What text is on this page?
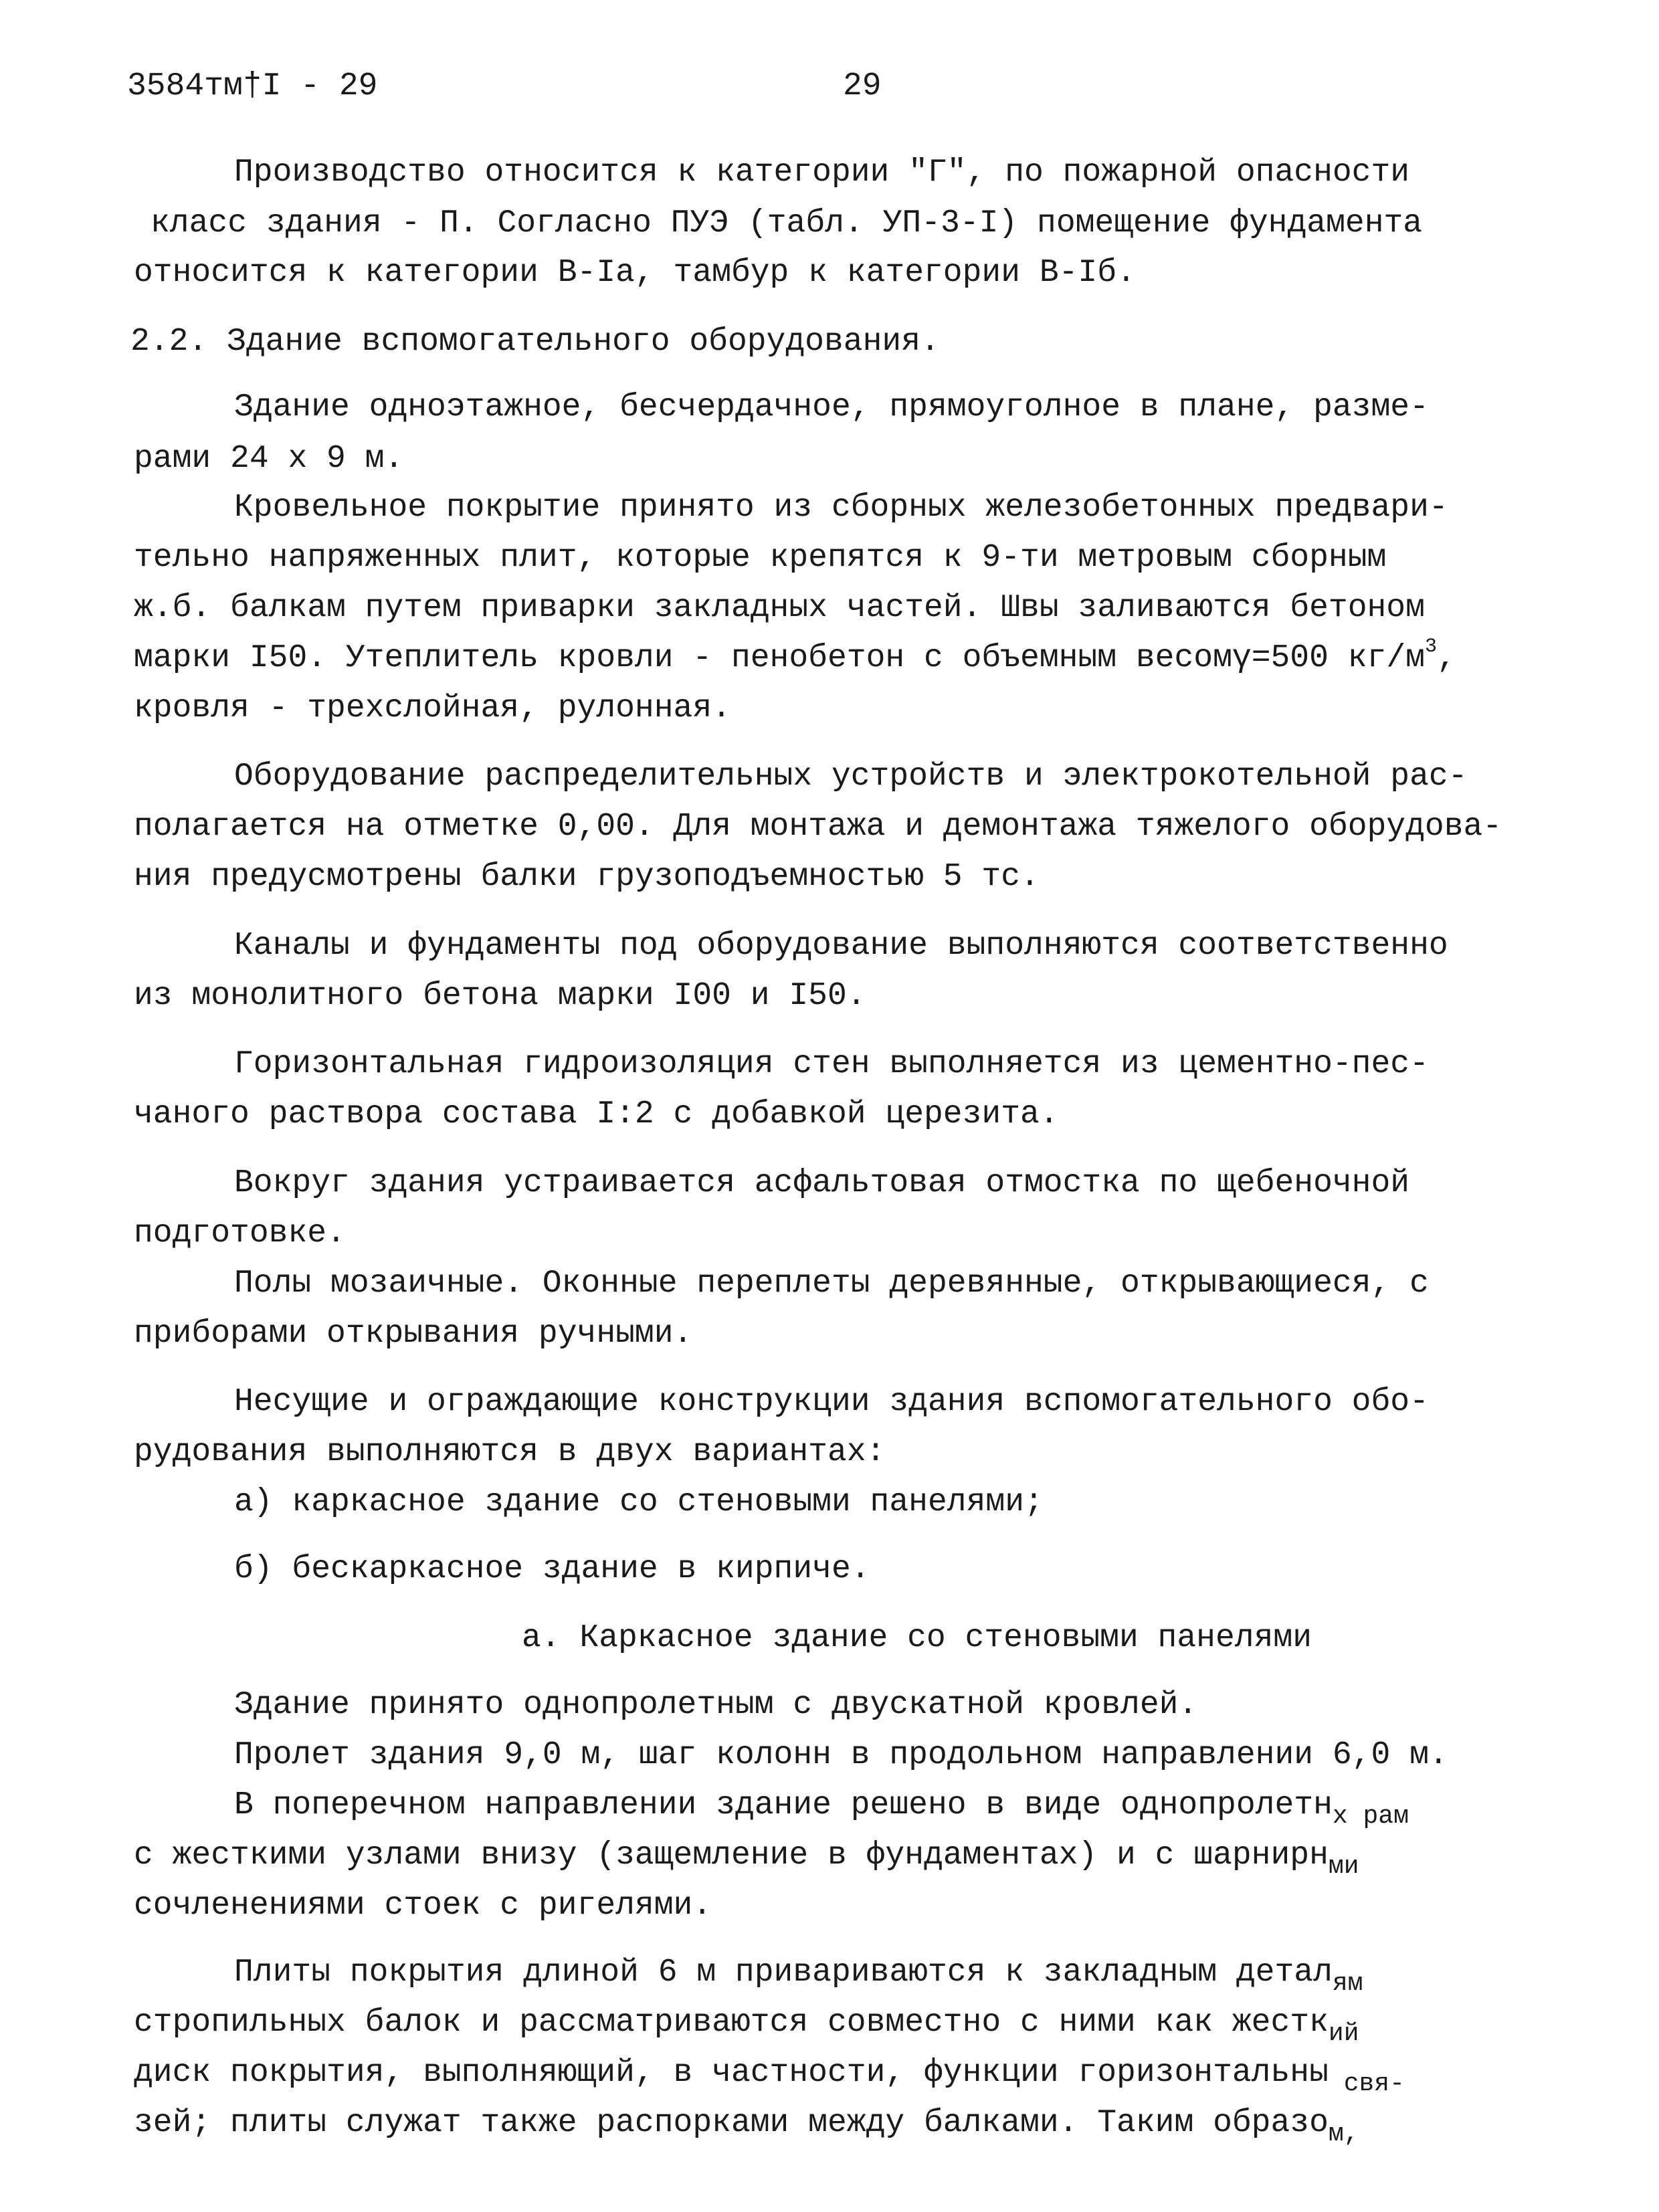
3584тм†I - 29	29
Производство относится к категории "Г", по пожарной опасности
класс здания - П. Согласно ПУЭ (табл. УП-3-I) помещение фундамента
относится к категории В-Iа, тамбур к категории В-Iб.
2.2. Здание вспомогательного оборудования.
Здание одноэтажное, бесчердачное, прямоуголное в плане, разме-
рами 24 х 9 м.
Кровельное покрытие принято из сборных железобетонных предвари-
тельно напряженных плит, которые крепятся к 9-ти метровым сборным
ж.б. балкам путем приварки закладных частей. Швы заливаются бетоном
марки I50. Утеплитель кровли - пенобетон с объемным весомγ=500 $кг/м^3$,
кровля - трехслойная, рулонная.
Оборудование распределительных устройств и электрокотельной рас-
полагается на отметке 0,00. Для монтажа и демонтажа тяжелого оборудова-
ния предусмотрены балки грузоподъемностью 5 тс.
Каналы и фундаменты под оборудование выполняются соответственно
из монолитного бетона марки I00 и I50.
Горизонтальная гидроизоляция стен выполняется из цементно-пес-
чаного раствора состава I:2 с добавкой церезита.
Вокруг здания устраивается асфальтовая отмостка по щебеночной
подготовке.
Полы мозаичные. Оконные переплеты деревянные, открывающиеся, с
приборами открывания ручными.
Несущие и ограждающие конструкции здания вспомогательного обо-
рудования выполняются в двух вариантах:
а) каркасное здание со стеновыми панелями;
б) бескаркасное здание в кирпиче.
а. Каркасное здание со стеновыми панелями
Здание принято однопролетным с двускатной кровлей.
Пролет здания 9,0 м, шаг колонн в продольном направлении 6,0 м.
В поперечном направлении здание решено в виде однопролетн$_{х рам}$
с жесткими узлами внизу (защемление в фундаментах) и с шарнирн$_{ми}$
сочленениями стоек с ригелями.
Плиты покрытия длиной 6 м привариваются к закладным детал$_{ям}$
стропильных балок и рассматриваются совместно с ними как жестк$_{ий}$
диск покрытия, выполняющий, в частности, функции горизонтальны $_{свя-}$
зей; плиты служат также распорками между балками. Таким образо$_{м,}$
